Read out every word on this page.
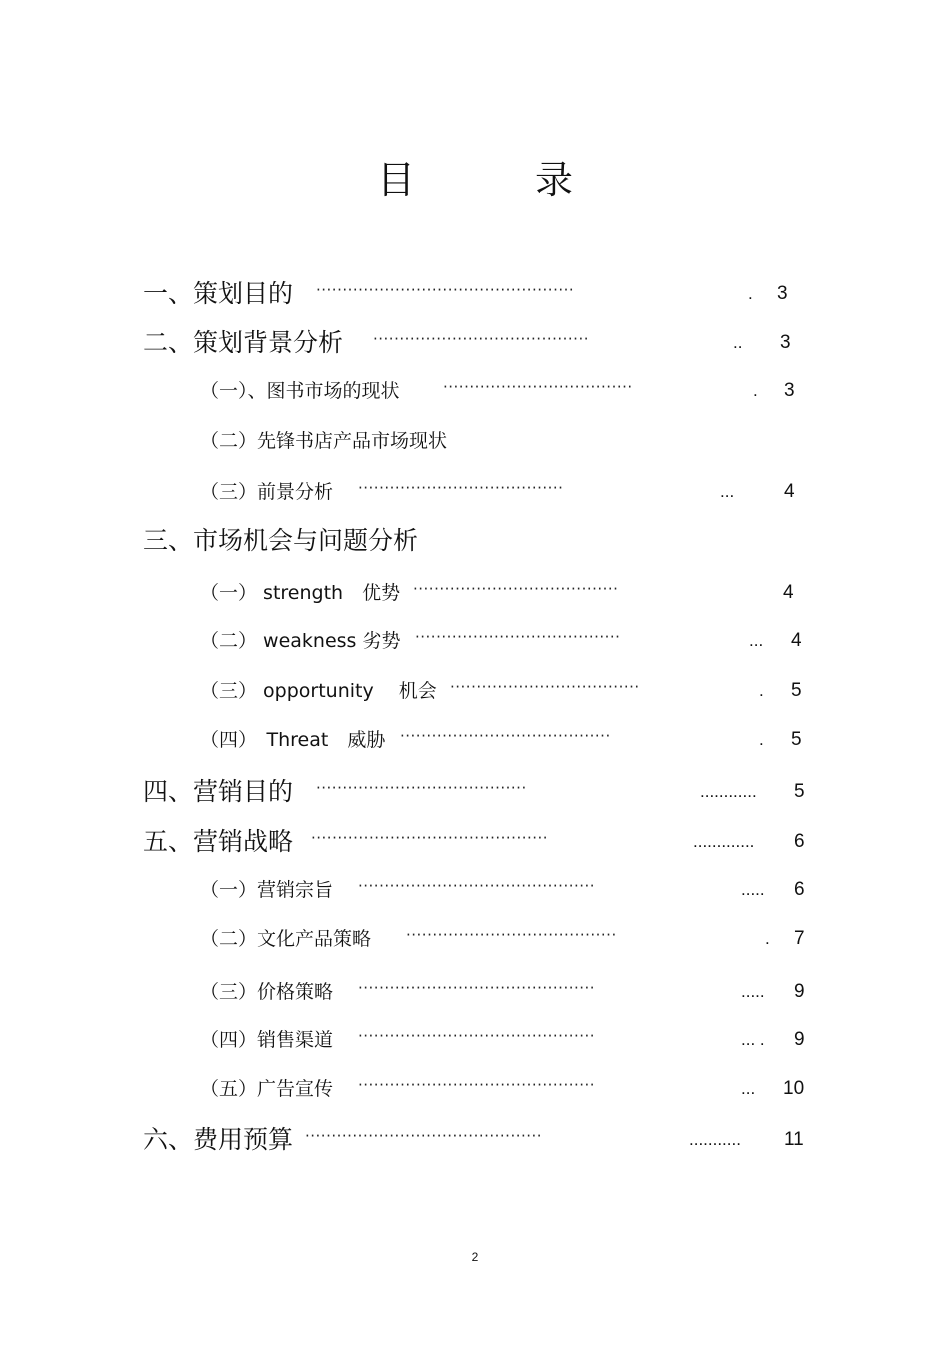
目	录
一、策划目的 ·················································	. 3
二、策划背景分析 ·········································	.. 3
（一）、图书市场的现状	····································	. 3
（二）先锋书店产品市场现状
（三）前景分析 ·······································	...	4
三、市场机会与问题分析
（一） strength　优势 ·······································	4
（二） weakness 劣势 ·······································	... 4
（三） opportunity　 机会 ····································	. 5
（四）　Threat　威胁 ········································	. 5
四、营销目的 ········································	............ 5
五、营销战略 ·············································	............. 6
（一）营销宗旨 ·············································	..... 6
（二）文化产品策略 ········································	. 7
（三）价格策略 ·············································	..... 9
（四）销售渠道 ·············································	... . 9
（五）广告宣传 ·············································	... 10
六、费用预算 ·············································	........... 11
2
